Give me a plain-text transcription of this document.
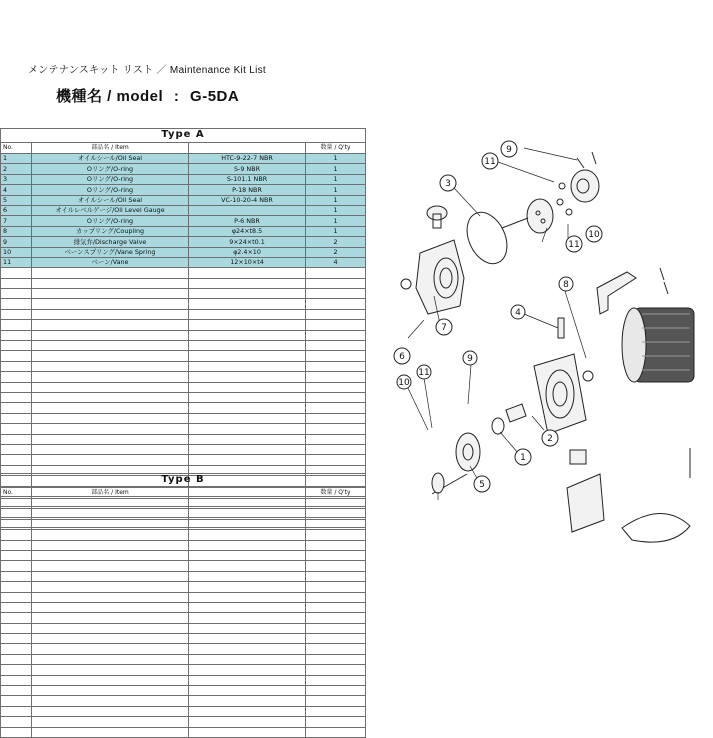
メンテナンスキット リスト ／ Maintenance Kit List
機種名 / model : G-5DA
Type A			
No.	部品名 / Item		数量 / Q'ty
1	オイルシール/Oil Seal	HTC-9-22-7 NBR	1
2	Oリング/O-ring	S-9 NBR	1
3	Oリング/O-ring	S-101.1 NBR	1
4	Oリング/O-ring	P-18 NBR	1
5	オイルシール/Oil Seal	VC-10-20-4 NBR	1
6	オイルレベルゲージ/Oil Level Gauge		1
7	Oリング/O-ring	P-6 NBR	1
8	カップリング/Coupling	φ24×t8.5	1
9	排気弁/Discharge Valve	9×24×t0.1	2
10	ベーンスプリング/Vane Spring	φ2.4×10	2
11	ベーン/Vane	12×10×t4	4

Type B			
No.	部品名 / Item		数量 / Q'ty

9
11
3
10
11
8
4
7
6	9
11
10
2
1
5
